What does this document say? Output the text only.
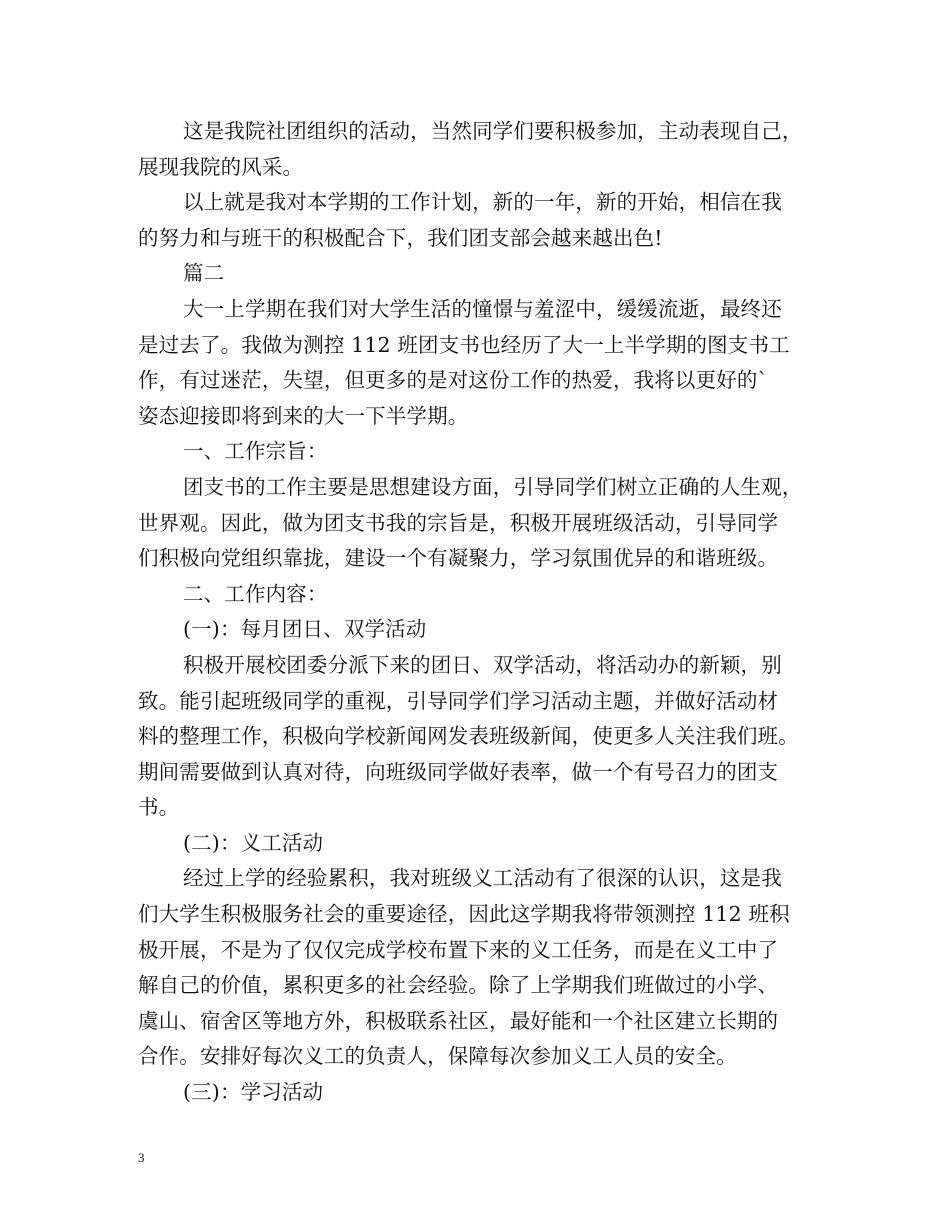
这是我院社团组织的活动，当然同学们要积极参加，主动表现自己，
展现我院的风采。
以上就是我对本学期的工作计划，新的一年，新的开始，相信在我
的努力和与班干的积极配合下，我们团支部会越来越出色!
篇二
大一上学期在我们对大学生活的憧憬与羞涩中，缓缓流逝，最终还
是过去了。我做为测控 112 班团支书也经历了大一上半学期的图支书工
作，有过迷茫，失望，但更多的是对这份工作的热爱，我将以更好的`
姿态迎接即将到来的大一下半学期。
一、工作宗旨：
团支书的工作主要是思想建设方面，引导同学们树立正确的人生观，
世界观。因此，做为团支书我的宗旨是，积极开展班级活动，引导同学
们积极向党组织靠拢，建设一个有凝聚力，学习氛围优异的和谐班级。
二、工作内容：
(一)：每月团日、双学活动
积极开展校团委分派下来的团日、双学活动，将活动办的新颖，别
致。能引起班级同学的重视，引导同学们学习活动主题，并做好活动材
料的整理工作，积极向学校新闻网发表班级新闻，使更多人关注我们班。
期间需要做到认真对待，向班级同学做好表率，做一个有号召力的团支
书。
(二)：义工活动
经过上学的经验累积，我对班级义工活动有了很深的认识，这是我
们大学生积极服务社会的重要途径，因此这学期我将带领测控 112 班积
极开展，不是为了仅仅完成学校布置下来的义工任务，而是在义工中了
解自己的价值，累积更多的社会经验。除了上学期我们班做过的小学、
虞山、宿舍区等地方外，积极联系社区，最好能和一个社区建立长期的
合作。安排好每次义工的负责人，保障每次参加义工人员的安全。
(三)：学习活动
3
